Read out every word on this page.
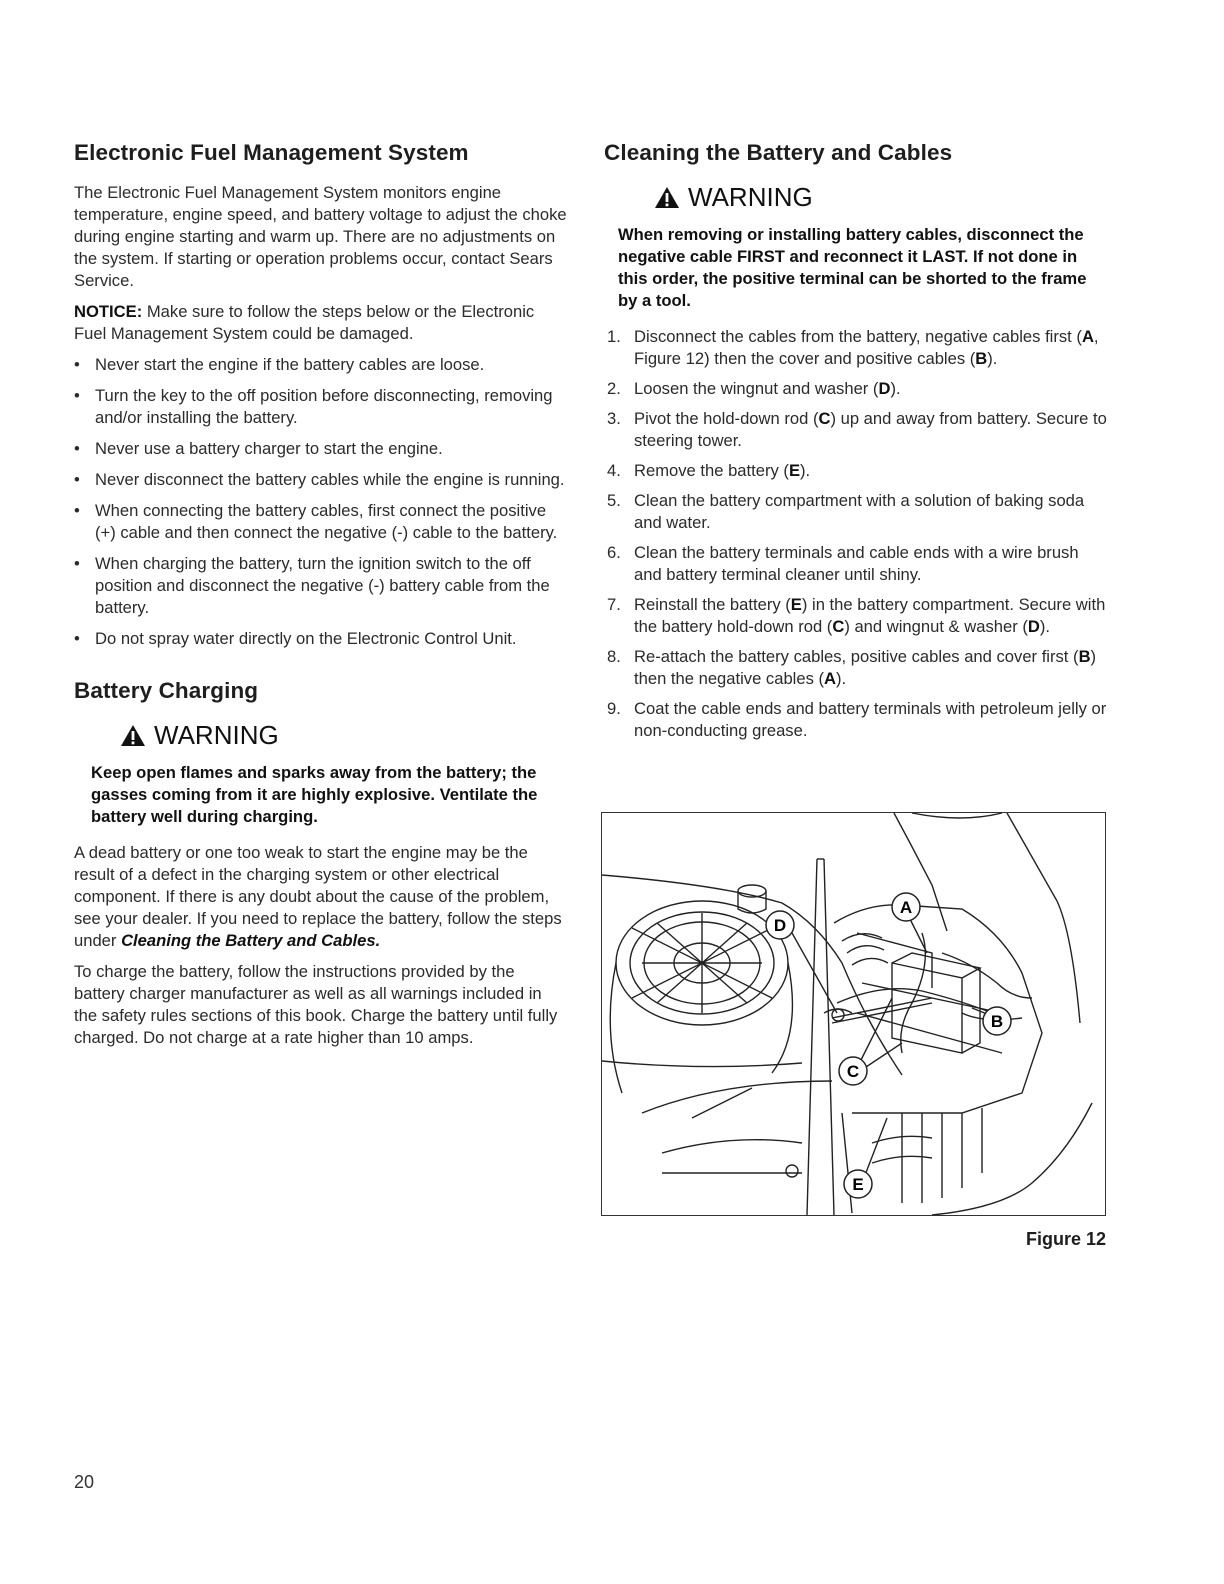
Electronic Fuel Management System

The Electronic Fuel Management System monitors engine temperature, engine speed, and battery voltage to adjust the choke during engine starting and warm up. There are no adjustments on the system. If starting or operation problems occur, contact Sears Service.

NOTICE: Make sure to follow the steps below or the Electronic Fuel Management System could be damaged.

• Never start the engine if the battery cables are loose.
• Turn the key to the off position before disconnecting, removing and/or installing the battery.
• Never use a battery charger to start the engine.
• Never disconnect the battery cables while the engine is running.
• When connecting the battery cables, first connect the positive (+) cable and then connect the negative (-) cable to the battery.
• When charging the battery, turn the ignition switch to the off position and disconnect the negative (-) battery cable from the battery.
• Do not spray water directly on the Electronic Control Unit.
Battery Charging
WARNING

Keep open flames and sparks away from the battery; the gasses coming from it are highly explosive. Ventilate the battery well during charging.

A dead battery or one too weak to start the engine may be the result of a defect in the charging system or other electrical component. If there is any doubt about the cause of the problem, see your dealer. If you need to replace the battery, follow the steps under Cleaning the Battery and Cables.

To charge the battery, follow the instructions provided by the battery charger manufacturer as well as all warnings included in the safety rules sections of this book. Charge the battery until fully charged. Do not charge at a rate higher than 10 amps.

Cleaning the Battery and Cables
WARNING

When removing or installing battery cables, disconnect the negative cable FIRST and reconnect it LAST. If not done in this order, the positive terminal can be shorted to the frame by a tool.

1. Disconnect the cables from the battery, negative cables first (A, Figure 12) then the cover and positive cables (B).
2. Loosen the wingnut and washer (D).
3. Pivot the hold-down rod (C) up and away from battery. Secure to steering tower.
4. Remove the battery (E).
5. Clean the battery compartment with a solution of baking soda and water.
6. Clean the battery terminals and cable ends with a wire brush and battery terminal cleaner until shiny.
7. Reinstall the battery (E) in the battery compartment. Secure with the battery hold-down rod (C) and wingnut & washer (D).
8. Re-attach the battery cables, positive cables and cover first (B) then the negative cables (A).
9. Coat the cable ends and battery terminals with petroleum jelly or non-conducting grease.
D
A
B
C
E
Figure 12
20
